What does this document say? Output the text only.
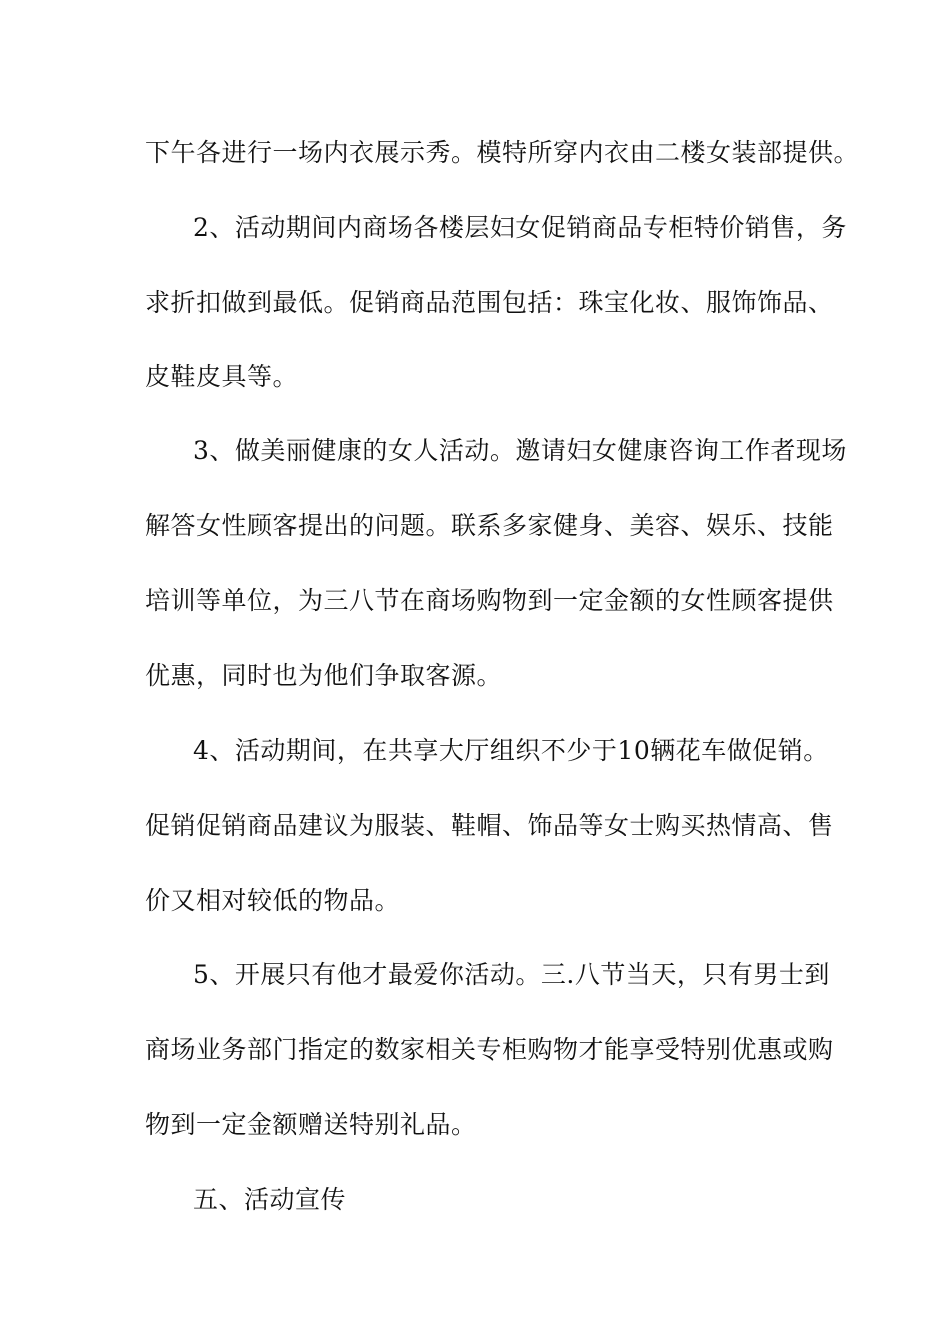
下午各进行一场内衣展示秀。模特所穿内衣由二楼女装部提供。
2、活动期间内商场各楼层妇女促销商品专柜特价销售，务
求折扣做到最低。促销商品范围包括：珠宝化妆、服饰饰品、
皮鞋皮具等。
3、做美丽健康的女人活动。邀请妇女健康咨询工作者现场
解答女性顾客提出的问题。联系多家健身、美容、娱乐、技能
培训等单位，为三八节在商场购物到一定金额的女性顾客提供
优惠，同时也为他们争取客源。
4、活动期间，在共享大厅组织不少于10辆花车做促销。
促销促销商品建议为服装、鞋帽、饰品等女士购买热情高、售
价又相对较低的物品。
5、开展只有他才最爱你活动。三.八节当天，只有男士到
商场业务部门指定的数家相关专柜购物才能享受特别优惠或购
物到一定金额赠送特别礼品。
五、活动宣传
